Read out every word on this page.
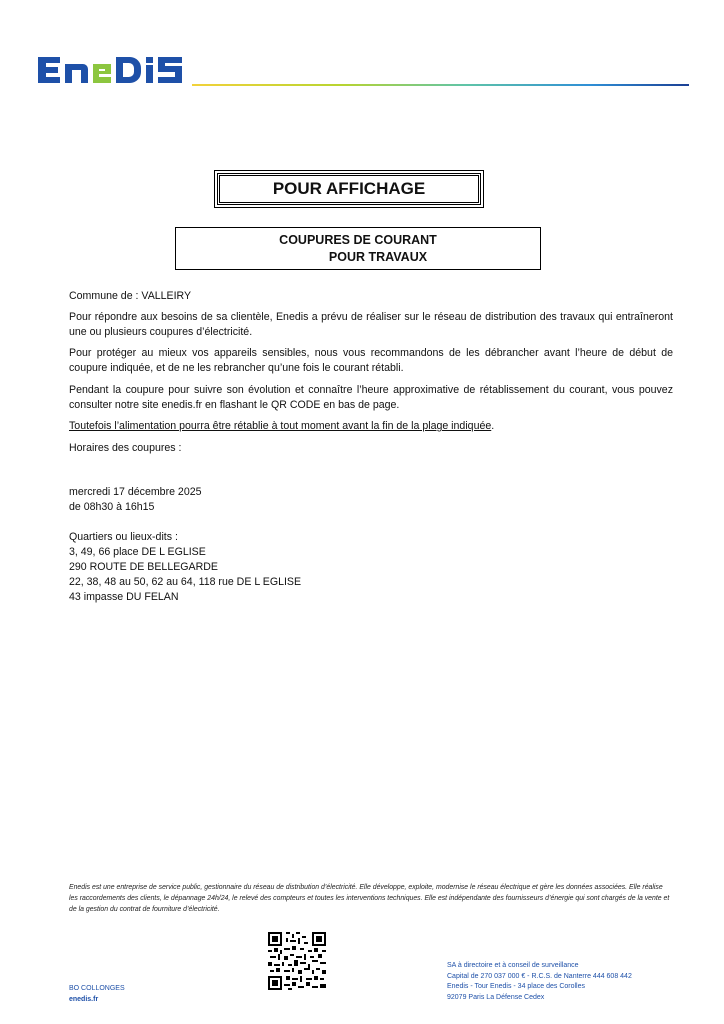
POUR AFFICHAGE
COUPURES DE COURANT
POUR TRAVAUX
Commune de : VALLEIRY
Pour répondre aux besoins de sa clientèle, Enedis a prévu de réaliser sur le réseau de distribution des travaux qui entraîneront une ou plusieurs coupures d’électricité.
Pour protéger au mieux vos appareils sensibles, nous vous recommandons de les débrancher avant l’heure de début de coupure indiquée, et de ne les rebrancher qu’une fois le courant rétabli.
Pendant la coupure pour suivre son évolution et connaître l’heure approximative de rétablissement du courant, vous pouvez consulter notre site enedis.fr en flashant le QR CODE en bas de page.
Toutefois l’alimentation pourra être rétablie à tout moment avant la fin de la plage indiquée.
Horaires des coupures :
mercredi 17 décembre 2025
de 08h30 à 16h15
Quartiers ou lieux-dits :
3, 49, 66 place DE L EGLISE
290 ROUTE DE BELLEGARDE
22, 38, 48 au 50, 62 au 64, 118 rue DE L EGLISE
43 impasse DU FELAN
Enedis est une entreprise de service public, gestionnaire du réseau de distribution d’électricité. Elle développe, exploite, modernise le réseau électrique et gère les données associées. Elle réalise les raccordements des clients, le dépannage 24h/24, le relevé des compteurs et toutes les interventions techniques. Elle est indépendante des fournisseurs d’énergie qui sont chargés de la vente et de la gestion du contrat de fourniture d’électricité.
BO COLLONGES
enedis.fr
SA à directoire et à conseil de surveillance
Capital de 270 037 000 € - R.C.S. de Nanterre 444 608 442
Enedis - Tour Enedis - 34 place des Corolles
92079 Paris La Défense Cedex
